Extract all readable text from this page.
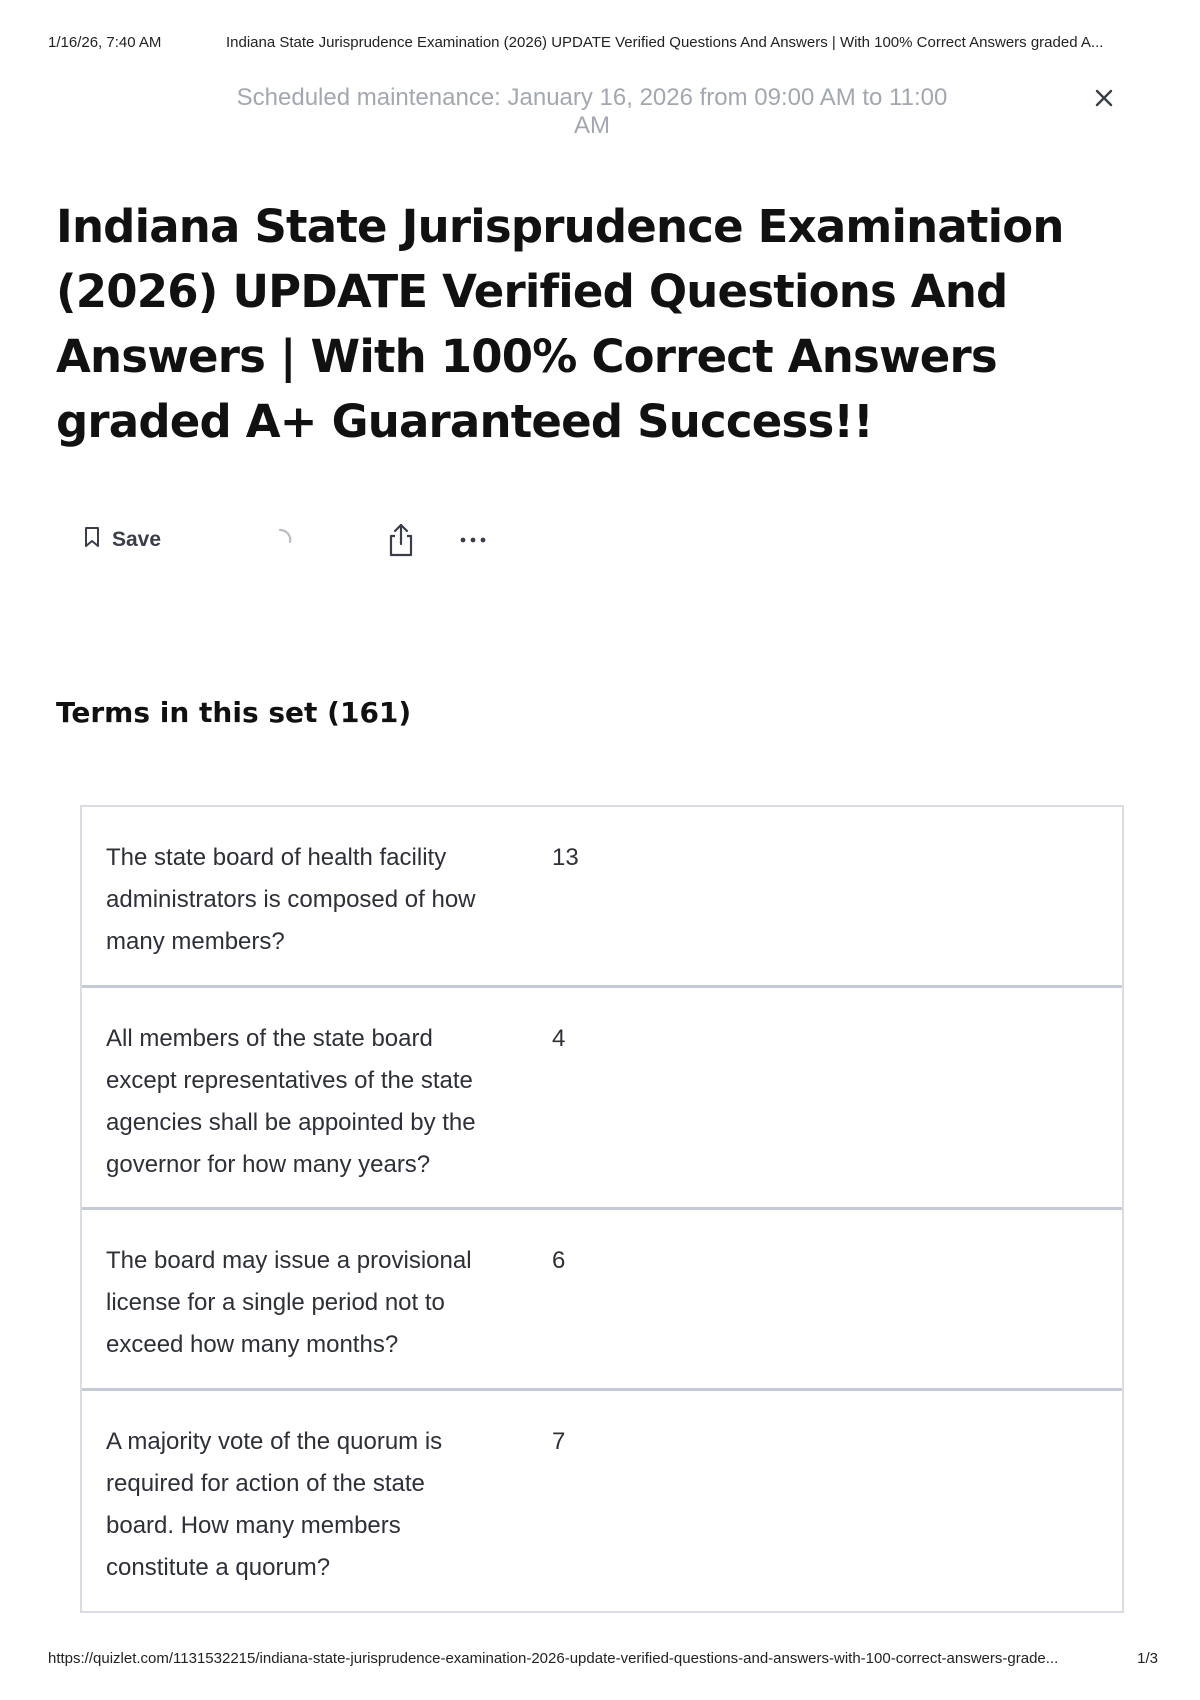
1/16/26, 7:40 AM	Indiana State Jurisprudence Examination (2026) UPDATE Verified Questions And Answers | With 100% Correct Answers graded A...
Scheduled maintenance: January 16, 2026 from 09:00 AM to 11:00 AM
Indiana State Jurisprudence Examination (2026) UPDATE Verified Questions And Answers | With 100% Correct Answers graded A+ Guaranteed Success!!
Save
Terms in this set (161)
The state board of health facility administrators is composed of how many members?
13
All members of the state board except representatives of the state agencies shall be appointed by the governor for how many years?
4
The board may issue a provisional license for a single period not to exceed how many months?
6
A majority vote of the quorum is required for action of the state board. How many members constitute a quorum?
7
https://quizlet.com/1131532215/indiana-state-jurisprudence-examination-2026-update-verified-questions-and-answers-with-100-correct-answers-grade...	1/3
